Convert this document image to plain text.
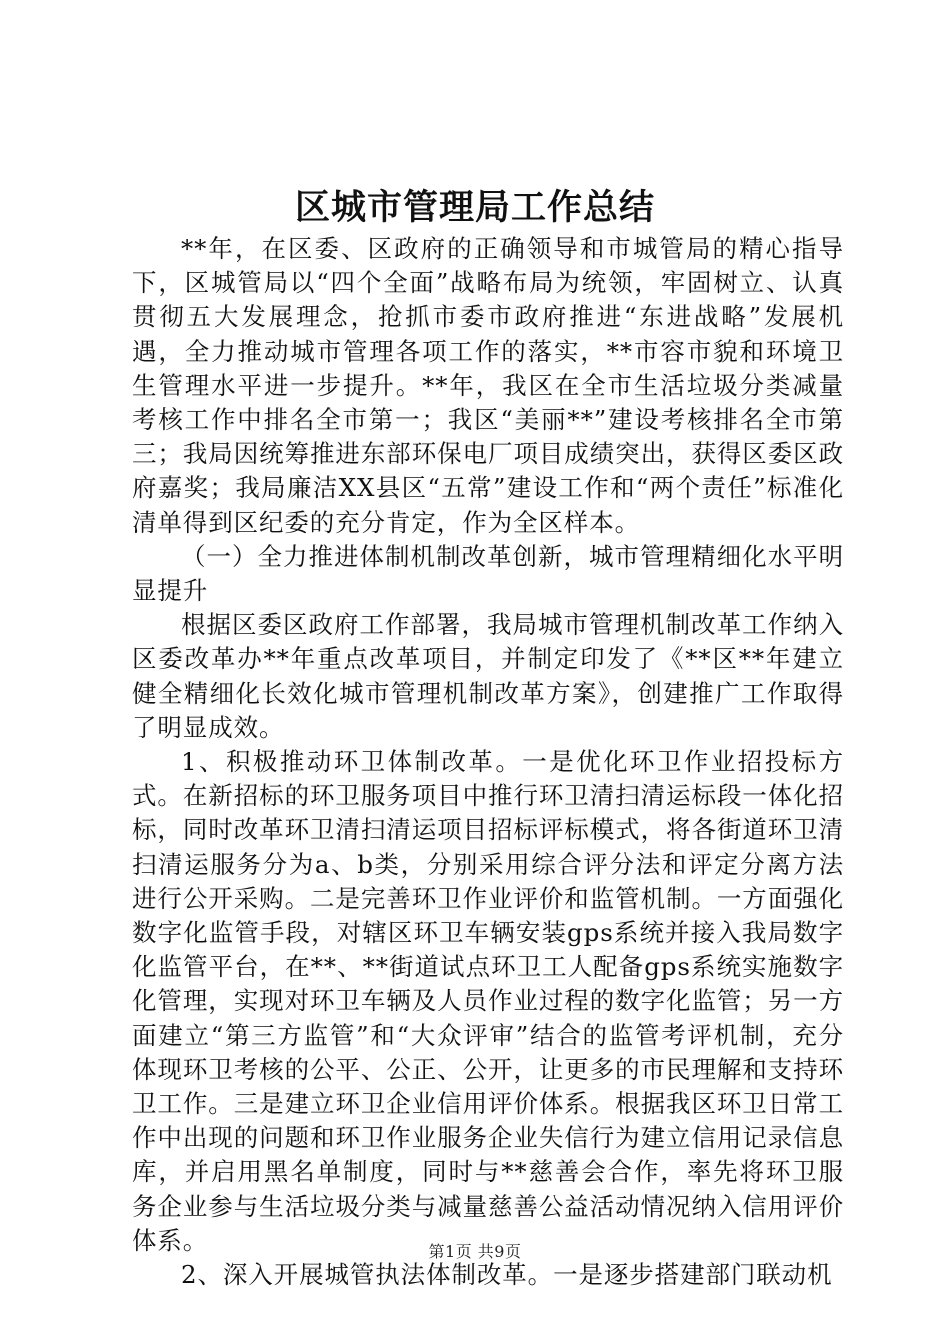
区城市管理局工作总结

**年，在区委、区政府的正确领导和市城管局的精心指导下，区城管局以“四个全面”战略布局为统领，牢固树立、认真贯彻五大发展理念，抢抓市委市政府推进“东进战略”发展机遇，全力推动城市管理各项工作的落实，**市容市貌和环境卫生管理水平进一步提升。**年，我区在全市生活垃圾分类减量考核工作中排名全市第一；我区“美丽**”建设考核排名全市第三；我局因统筹推进东部环保电厂项目成绩突出，获得区委区政府嘉奖；我局廉洁XX县区“五常”建设工作和“两个责任”标准化清单得到区纪委的充分肯定，作为全区样本。

（一）全力推进体制机制改革创新，城市管理精细化水平明显提升

根据区委区政府工作部署，我局城市管理机制改革工作纳入区委改革办**年重点改革项目，并制定印发了《**区**年建立健全精细化长效化城市管理机制改革方案》，创建推广工作取得了明显成效。

1、积极推动环卫体制改革。一是优化环卫作业招投标方式。在新招标的环卫服务项目中推行环卫清扫清运标段一体化招标，同时改革环卫清扫清运项目招标评标模式，将各街道环卫清扫清运服务分为a、b类，分别采用综合评分法和评定分离方法进行公开采购。二是完善环卫作业评价和监管机制。一方面强化数字化监管手段，对辖区环卫车辆安装gps系统并接入我局数字化监管平台，在**、**街道试点环卫工人配备gps系统实施数字化管理，实现对环卫车辆及人员作业过程的数字化监管；另一方面建立“第三方监管”和“大众评审”结合的监管考评机制，充分体现环卫考核的公平、公正、公开，让更多的市民理解和支持环卫工作。三是建立环卫企业信用评价体系。根据我区环卫日常工作中出现的问题和环卫作业服务企业失信行为建立信用记录信息库，并启用黑名单制度，同时与**慈善会合作，率先将环卫服务企业参与生活垃圾分类与减量慈善公益活动情况纳入信用评价体系。

2、深入开展城管执法体制改革。一是逐步搭建部门联动机

第1页 共9页
